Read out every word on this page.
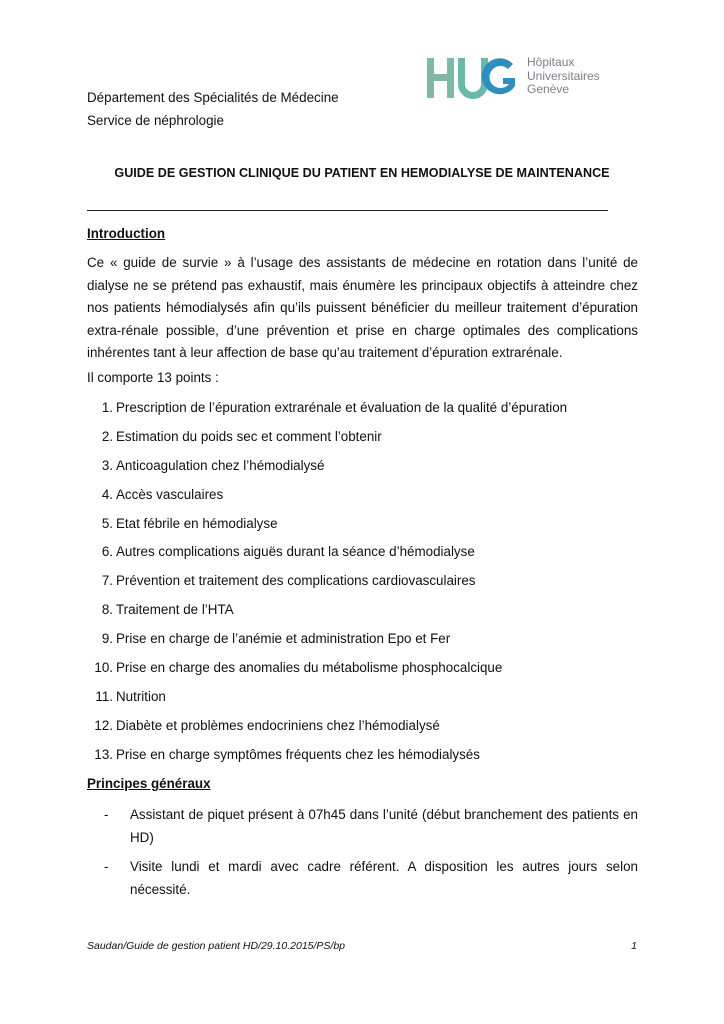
Département des Spécialités de Médecine
Service de néphrologie
Hôpitaux
Universitaires
Genève
GUIDE DE GESTION CLINIQUE DU PATIENT EN HEMODIALYSE DE MAINTENANCE
Introduction
Ce « guide de survie » à l’usage des assistants de médecine en rotation dans l’unité de dialyse ne se prétend pas exhaustif, mais énumère les principaux objectifs à atteindre chez nos patients hémodialysés afin qu’ils puissent bénéficier du meilleur traitement d’épuration extra-rénale possible, d’une prévention et prise en charge optimales des complications inhérentes tant à leur affection de base qu’au traitement d’épuration extrarénale.
Il comporte 13 points :
1. Prescription de l’épuration extrarénale et évaluation de la qualité d’épuration
2. Estimation du poids sec et comment l’obtenir
3. Anticoagulation chez l’hémodialysé
4. Accès vasculaires
5. Etat fébrile en hémodialyse
6. Autres complications aiguës durant la séance d’hémodialyse
7. Prévention et traitement des complications cardiovasculaires
8. Traitement de l’HTA
9. Prise en charge de l’anémie et administration Epo et Fer
10. Prise en charge des anomalies du métabolisme phosphocalcique
11. Nutrition
12. Diabète et problèmes endocriniens chez l’hémodialysé
13. Prise en charge symptômes fréquents chez les hémodialysés
Principes généraux
- Assistant de piquet présent à 07h45 dans l’unité (début branchement des patients en HD)
- Visite lundi et mardi avec cadre référent. A disposition les autres jours selon nécessité.
Saudan/Guide de gestion patient HD/29.10.2015/PS/bp	1
